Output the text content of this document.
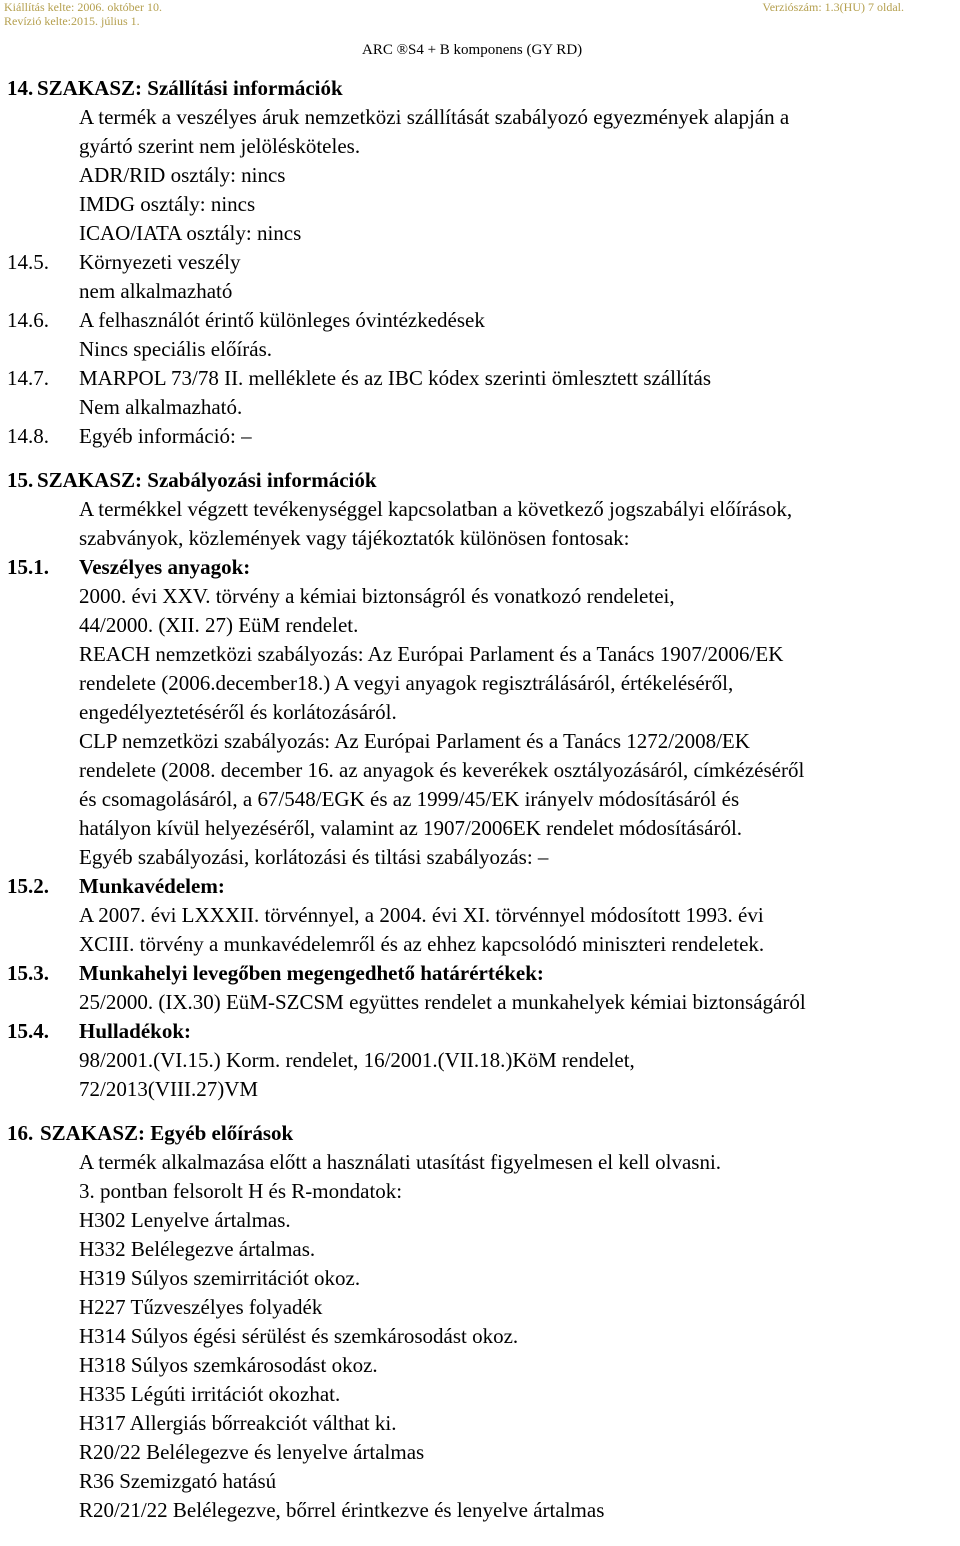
Kiállítás kelte: 2006. október 10.
Revízió kelte:2015. július 1.
Verziószám: 1.3(HU) 7 oldal.
ARC ®S4 + B komponens (GY RD)
14. SZAKASZ: Szállítási információk
A termék a veszélyes áruk nemzetközi szállítását szabályozó egyezmények alapján a
gyártó szerint nem jelölésköteles.
ADR/RID osztály: nincs
IMDG osztály: nincs
ICAO/IATA osztály: nincs
14.5. Környezeti veszély
nem alkalmazható
14.6. A felhasználót érintő különleges óvintézkedések
Nincs speciális előírás.
14.7. MARPOL 73/78 II. melléklete és az IBC kódex szerinti ömlesztett szállítás
Nem alkalmazható.
14.8. Egyéb információ: –
15. SZAKASZ: Szabályozási információk
A termékkel végzett tevékenységgel kapcsolatban a következő jogszabályi előírások,
szabványok, közlemények vagy tájékoztatók különösen fontosak:
15.1. Veszélyes anyagok:
2000. évi XXV. törvény a kémiai biztonságról és vonatkozó rendeletei,
44/2000. (XII. 27) EüM rendelet.
REACH nemzetközi szabályozás: Az Európai Parlament és a Tanács 1907/2006/EK
rendelete (2006.december18.) A vegyi anyagok regisztrálásáról, értékeléséről,
engedélyeztetéséről és korlátozásáról.
CLP nemzetközi szabályozás: Az Európai Parlament és a Tanács 1272/2008/EK
rendelete (2008. december 16. az anyagok és keverékek osztályozásáról, címkézéséről
és csomagolásáról, a 67/548/EGK és az 1999/45/EK irányelv módosításáról és
hatályon kívül helyezéséről, valamint az 1907/2006EK rendelet módosításáról.
Egyéb szabályozási, korlátozási és tiltási szabályozás: –
15.2. Munkavédelem:
A 2007. évi LXXXII. törvénnyel, a 2004. évi XI. törvénnyel módosított 1993. évi
XCIII. törvény a munkavédelemről és az ehhez kapcsolódó miniszteri rendeletek.
15.3. Munkahelyi levegőben megengedhető határértékek:
25/2000. (IX.30) EüM-SZCSM együttes rendelet a munkahelyek kémiai biztonságáról
15.4. Hulladékok:
98/2001.(VI.15.) Korm. rendelet, 16/2001.(VII.18.)KöM rendelet,
72/2013(VIII.27)VM
16. SZAKASZ: Egyéb előírások
A termék alkalmazása előtt a használati utasítást figyelmesen el kell olvasni.
3. pontban felsorolt H és R-mondatok:
H302 Lenyelve ártalmas.
H332 Belélegezve ártalmas.
H319 Súlyos szemirritációt okoz.
H227 Tűzveszélyes folyadék
H314 Súlyos égési sérülést és szemkárosodást okoz.
H318 Súlyos szemkárosodást okoz.
H335 Légúti irritációt okozhat.
H317 Allergiás bőrreakciót válthat ki.
R20/22 Belélegezve és lenyelve ártalmas
R36 Szemizgató hatású
R20/21/22 Belélegezve, bőrrel érintkezve és lenyelve ártalmas
